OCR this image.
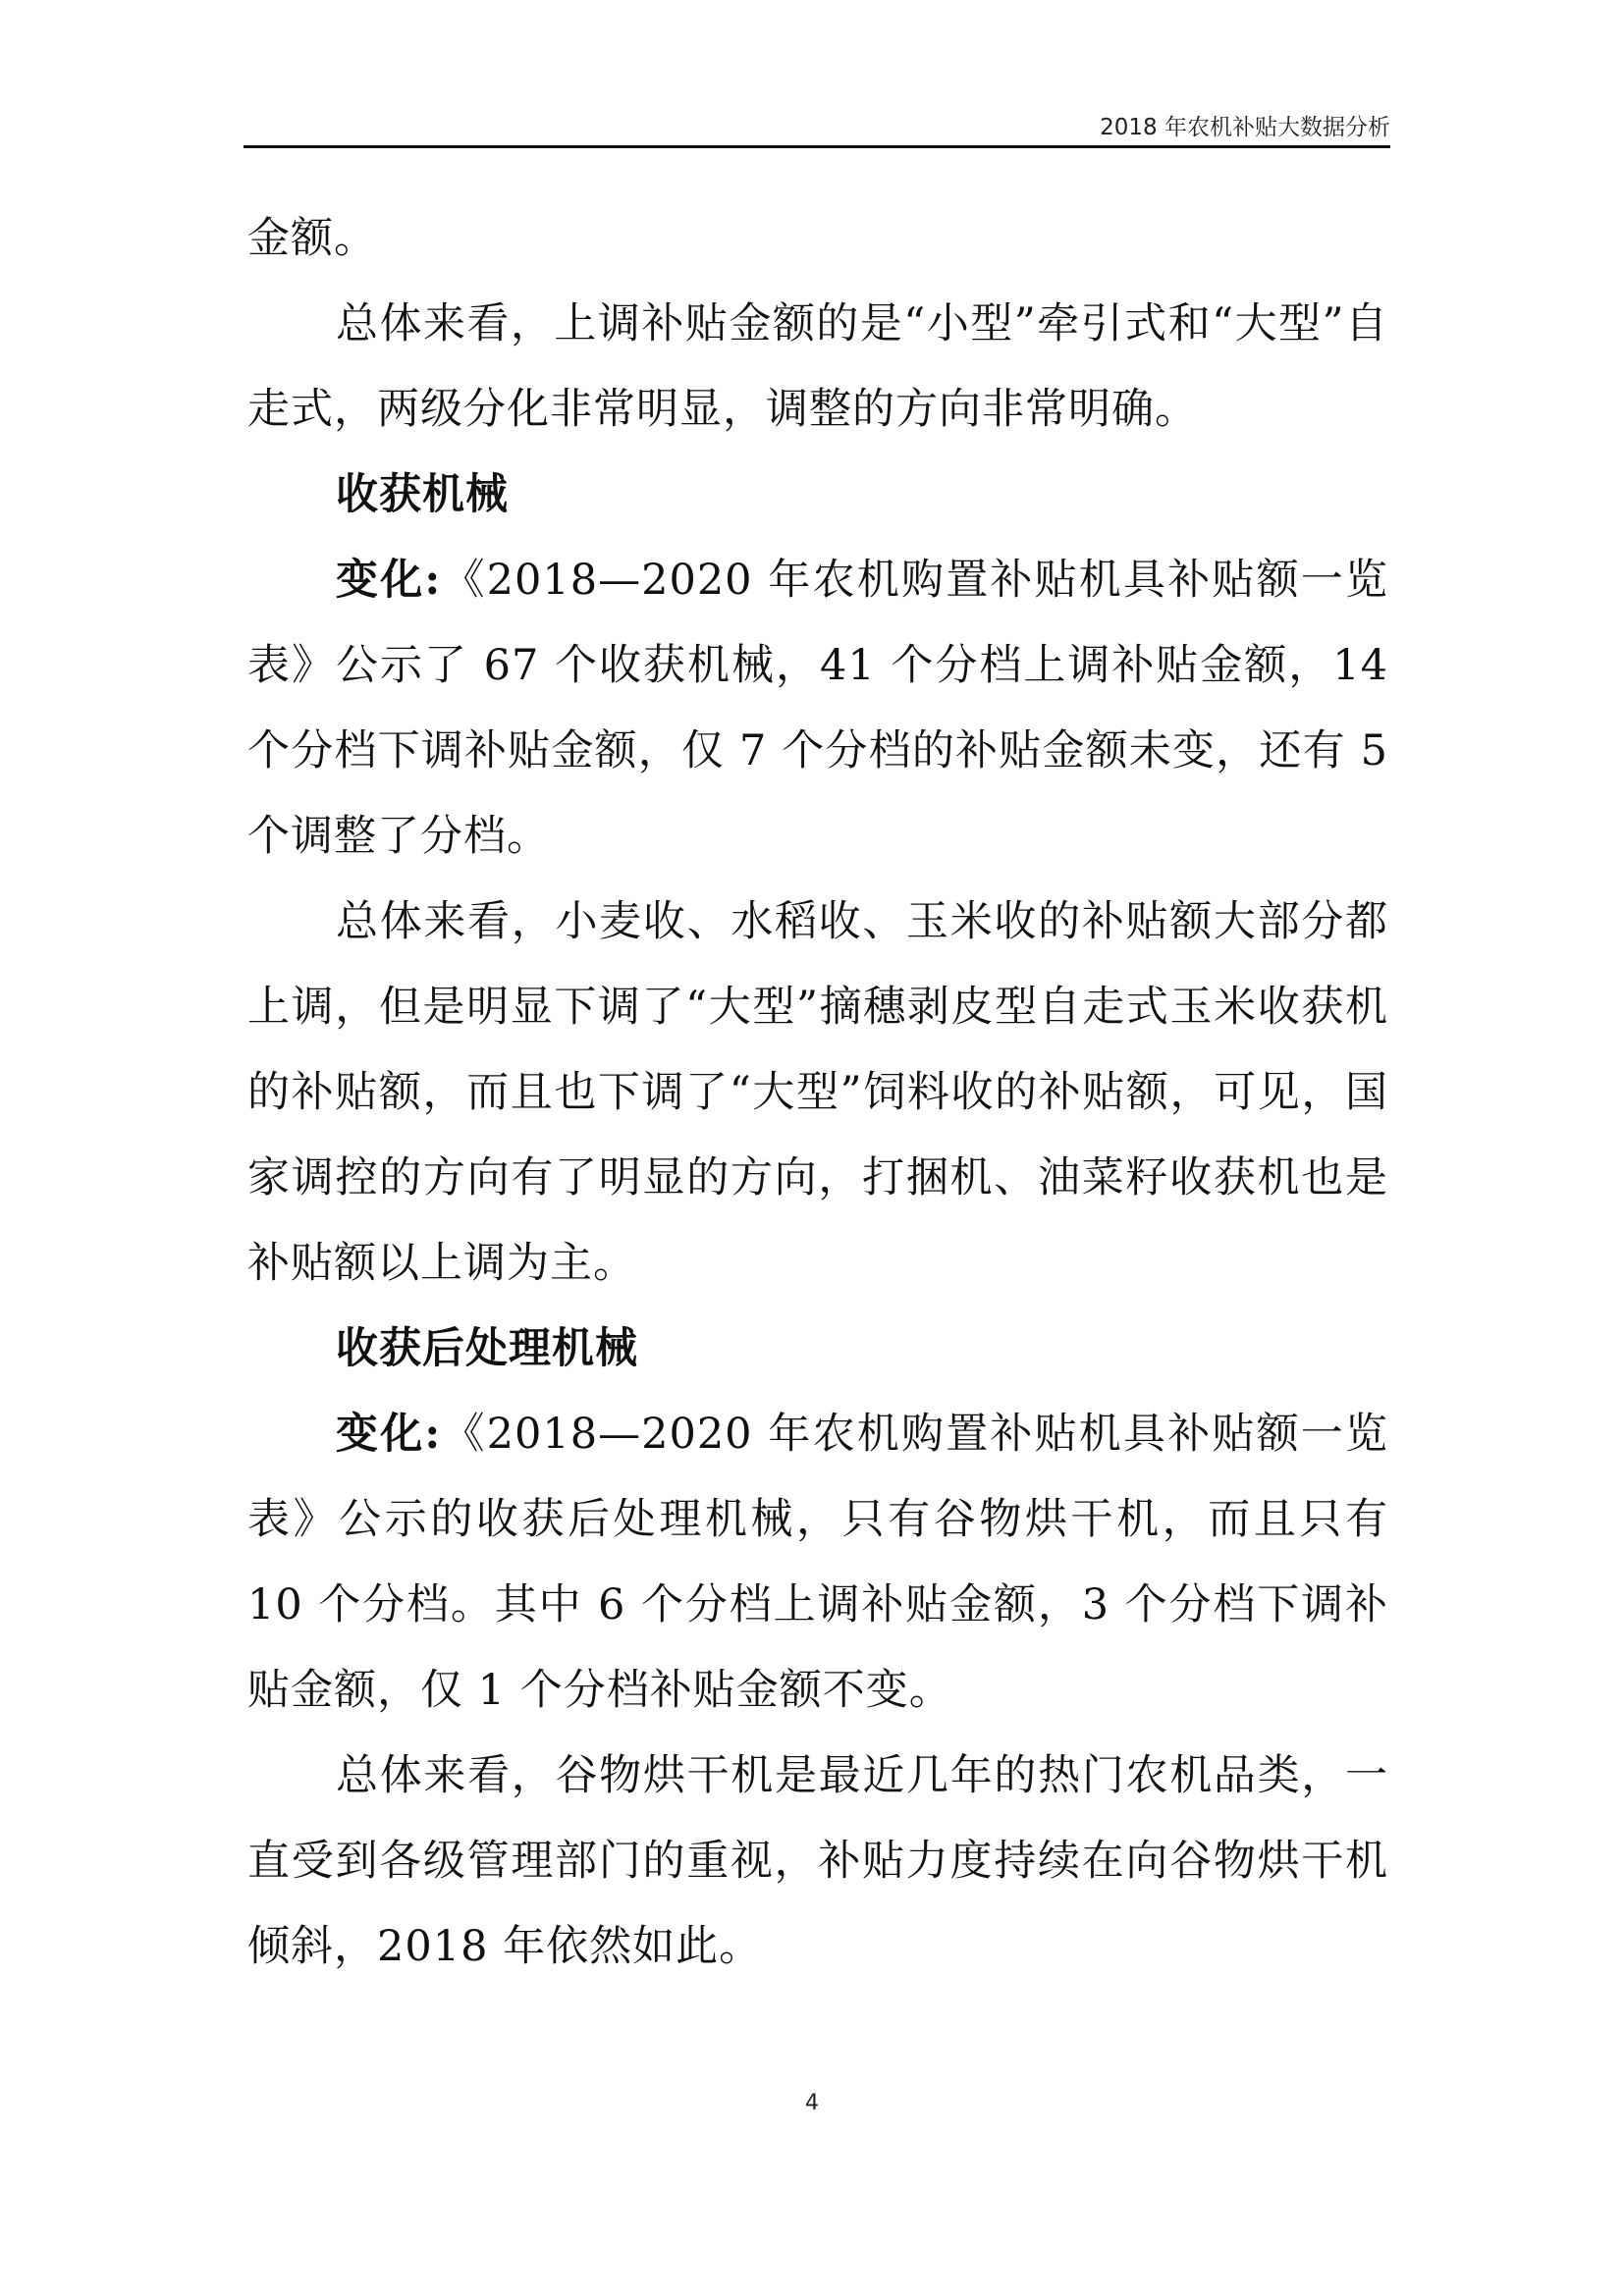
2018 年农机补贴大数据分析

金额。

总体来看，上调补贴金额的是“小型”牵引式和“大型”自走式，两级分化非常明显，调整的方向非常明确。

收获机械

变化:《2018—2020 年农机购置补贴机具补贴额一览表》公示了 67 个收获机械，41 个分档上调补贴金额，14 个分档下调补贴金额，仅 7 个分档的补贴金额未变，还有 5 个调整了分档。

总体来看，小麦收、水稻收、玉米收的补贴额大部分都上调，但是明显下调了“大型”摘穗剥皮型自走式玉米收获机的补贴额，而且也下调了“大型”饲料收的补贴额，可见，国家调控的方向有了明显的方向，打捆机、油菜籽收获机也是补贴额以上调为主。

收获后处理机械

变化:《2018—2020 年农机购置补贴机具补贴额一览表》公示的收获后处理机械，只有谷物烘干机，而且只有 10 个分档。其中 6 个分档上调补贴金额，3 个分档下调补贴金额，仅 1 个分档补贴金额不变。

总体来看，谷物烘干机是最近几年的热门农机品类，一直受到各级管理部门的重视，补贴力度持续在向谷物烘干机倾斜，2018 年依然如此。

4
